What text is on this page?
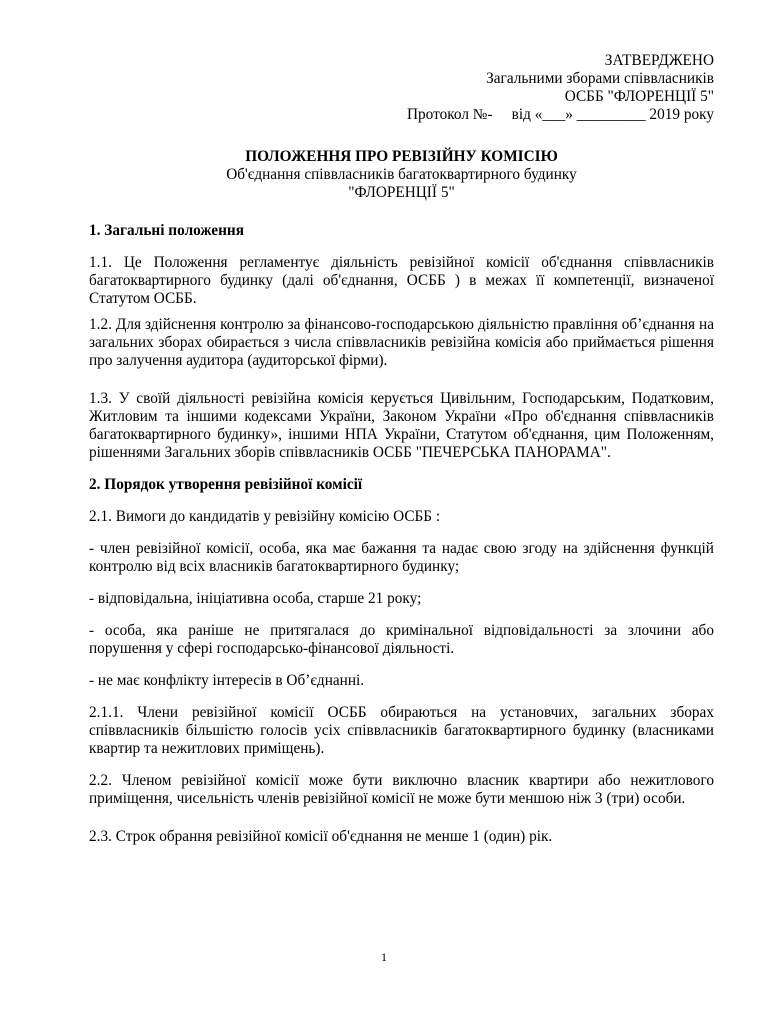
ЗАТВЕРДЖЕНО
Загальними зборами співвласників
ОСББ "ФЛОРЕНЦІЇ 5"
Протокол №-     від «___» _________ 2019 року
ПОЛОЖЕННЯ ПРО РЕВІЗІЙНУ КОМІСІЮ
Об'єднання співвласників багатоквартирного будинку
"ФЛОРЕНЦІЇ 5"
1. Загальні положення

1.1. Це Положення регламентує діяльність ревізійної комісії об'єднання співвласників багатоквартирного будинку (далі об'єднання, ОСББ ) в межах її компетенції, визначеної Статутом ОСББ.

1.2. Для здійснення контролю за фінансово-господарською діяльністю правління об’єднання на загальних зборах обирається з числа співвласників ревізійна комісія або приймається рішення про залучення аудитора (аудиторської фірми).

1.3. У своїй діяльності ревізійна комісія керується Цивільним, Господарським, Податковим, Житловим та іншими кодексами України, Законом України «Про об'єднання співвласників багатоквартирного будинку», іншими НПА України, Статутом об'єднання, цим Положенням, рішеннями Загальних зборів співвласників ОСББ "ПЕЧЕРСЬКА ПАНОРАМА".

2. Порядок утворення ревізійної комісії

2.1. Вимоги до кандидатів у ревізійну комісію ОСББ :

- член ревізійної комісії, особа, яка має бажання та надає свою згоду на здійснення функцій контролю від всіх власників багатоквартирного будинку;

- відповідальна, ініціативна особа, старше 21 року;

- особа, яка раніше не притягалася до кримінальної відповідальності за злочини або порушення у сфері господарсько-фінансової діяльності.

- не має конфлікту інтересів в Об’єднанні.

2.1.1. Члени ревізійної комісії ОСББ обираються на установчих, загальних зборах співвласників більшістю голосів усіх співвласників багатоквартирного будинку (власниками квартир та нежитлових приміщень).

2.2. Членом ревізійної комісії може бути виключно власник квартири або нежитлового приміщення, чисельність членів ревізійної комісії не може бути меншою ніж 3 (три) особи.

2.3. Строк обрання ревізійної комісії об'єднання не менше 1 (один) рік.

1
